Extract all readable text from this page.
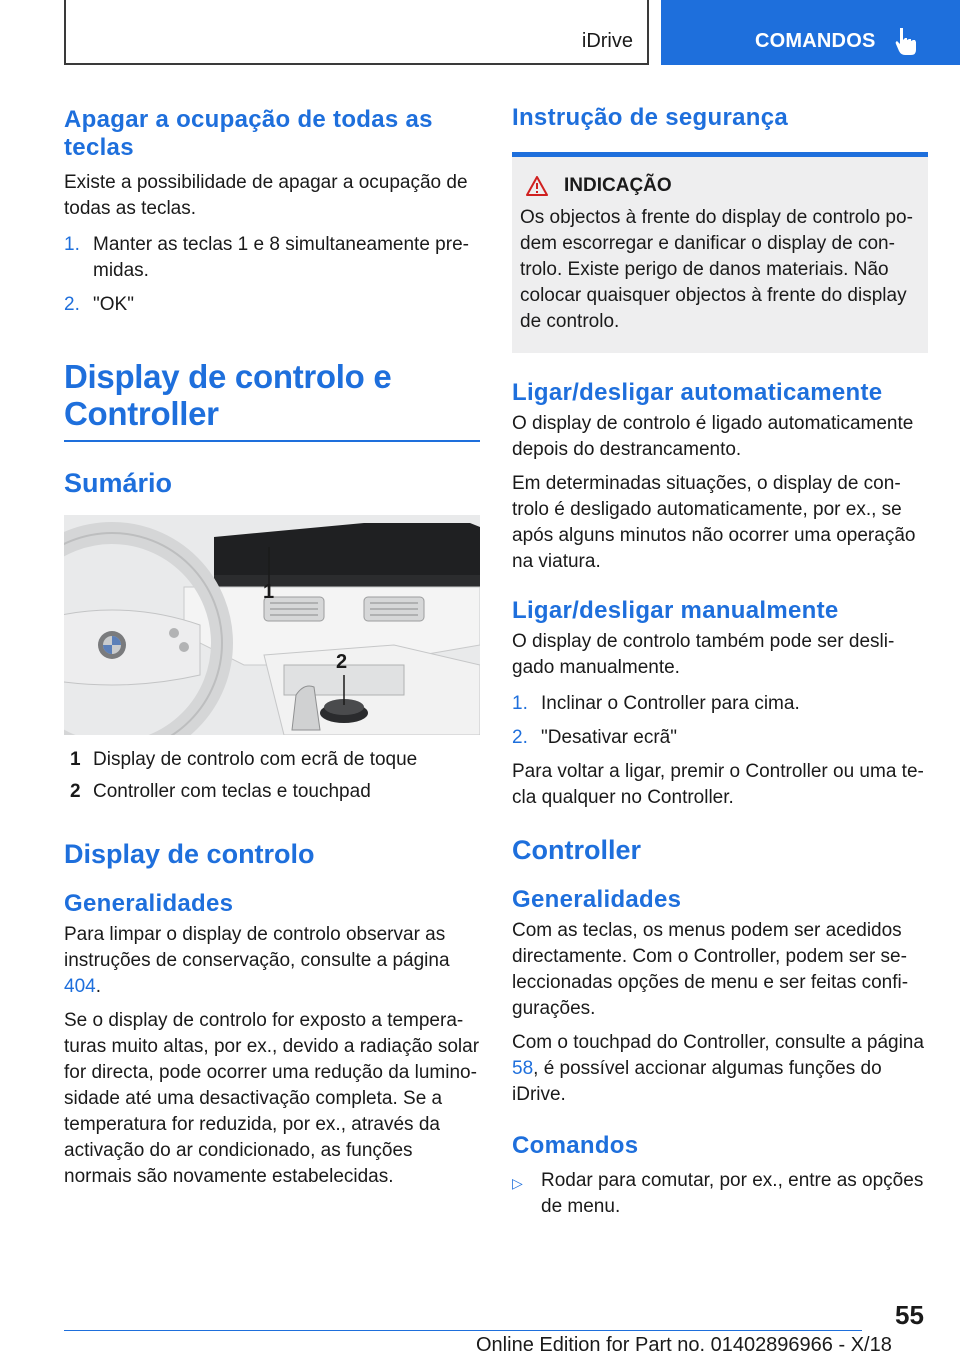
iDrive	COMANDOS
Apagar a ocupação de todas as teclas

Existe a possibilidade de apagar a ocupação de todas as teclas.

1. Manter as teclas 1 e 8 simultaneamente premidas.
2. "OK"
Display de controlo e Controller
Sumário
1
2
1 Display de controlo com ecrã de toque
2 Controller com teclas e touchpad
Display de controlo
Generalidades

Para limpar o display de controlo observar as instruções de conservação, consulte a página 404.

Se o display de controlo for exposto a temperaturas muito altas, por ex., devido a radiação solar for directa, pode ocorrer uma redução da luminosidade até uma desactivação completa. Se a temperatura for reduzida, por ex., através da activação do ar condicionado, as funções normais são novamente estabelecidas.

Instrução de segurança
INDICAÇÃO

Os objectos à frente do display de controlo podem escorregar e danificar o display de controlo. Existe perigo de danos materiais. Não colocar quaisquer objectos à frente do display de controlo.

Ligar/desligar automaticamente

O display de controlo é ligado automaticamente depois do destrancamento.

Em determinadas situações, o display de controlo é desligado automaticamente, por ex., se após alguns minutos não ocorrer uma operação na viatura.

Ligar/desligar manualmente

O display de controlo também pode ser desligado manualmente.

1. Inclinar o Controller para cima.
2. "Desativar ecrã"

Para voltar a ligar, premir o Controller ou uma tecla qualquer no Controller.

Controller
Generalidades

Com as teclas, os menus podem ser acedidos directamente. Com o Controller, podem ser seleccionadas opções de menu e ser feitas configurações.

Com o touchpad do Controller, consulte a página 58, é possível accionar algumas funções do iDrive.

Comandos
▷ Rodar para comutar, por ex., entre as opções de menu.
55
Online Edition for Part no. 01402896966 - X/18
